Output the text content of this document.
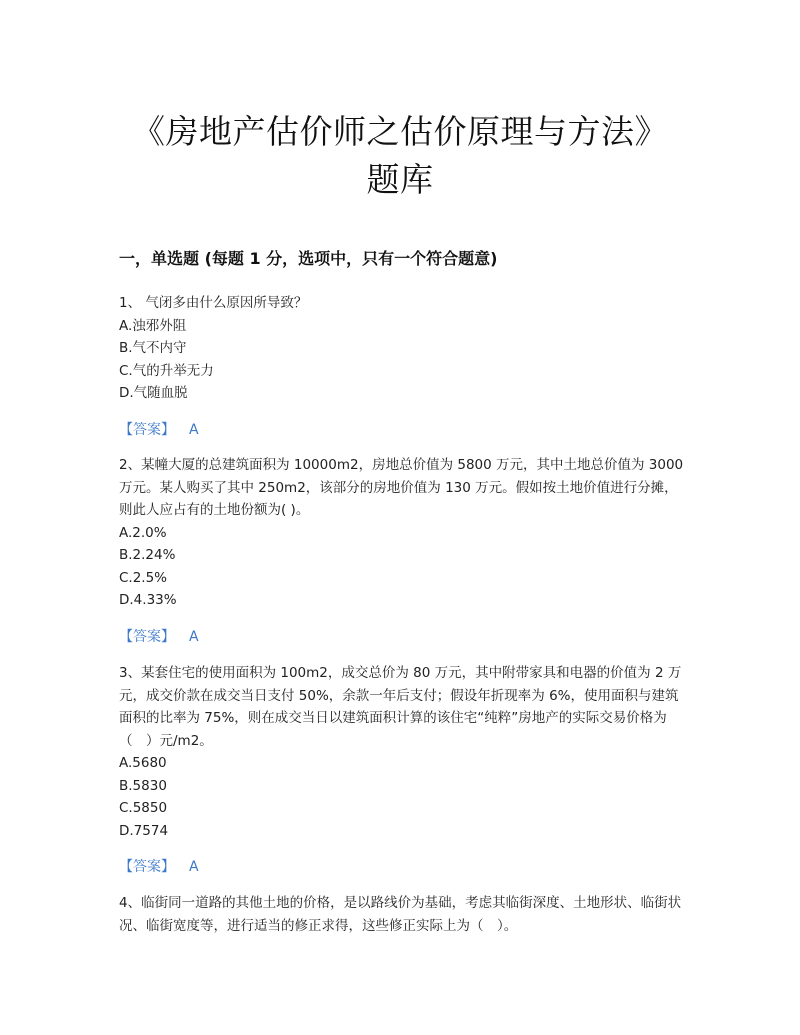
《房地产估价师之估价原理与方法》
题库
一，单选题 (每题 1 分，选项中，只有一个符合题意)
1、 气闭多由什么原因所导致？
A.浊邪外阻
B.气不内守
C.气的升举无力
D.气随血脱
【答案】 A
2、某幢大厦的总建筑面积为 10000m2，房地总价值为 5800 万元，其中土地总价值为 3000 万元。某人购买了其中 250m2，该部分的房地价值为 130 万元。假如按土地价值进行分摊，则此人应占有的土地份额为( )。
A.2.0%
B.2.24%
C.2.5%
D.4.33%
【答案】 A
3、某套住宅的使用面积为 100m2，成交总价为 80 万元，其中附带家具和电器的价值为 2 万元，成交价款在成交当日支付 50%，余款一年后支付；假设年折现率为 6%，使用面积与建筑面积的比率为 75%，则在成交当日以建筑面积计算的该住宅“纯粹”房地产的实际交易价格为（　）元/m2。
A.5680
B.5830
C.5850
D.7574
【答案】 A
4、临街同一道路的其他土地的价格，是以路线价为基础，考虑其临街深度、土地形状、临街状况、临街宽度等，进行适当的修正求得，这些修正实际上为（　）。
